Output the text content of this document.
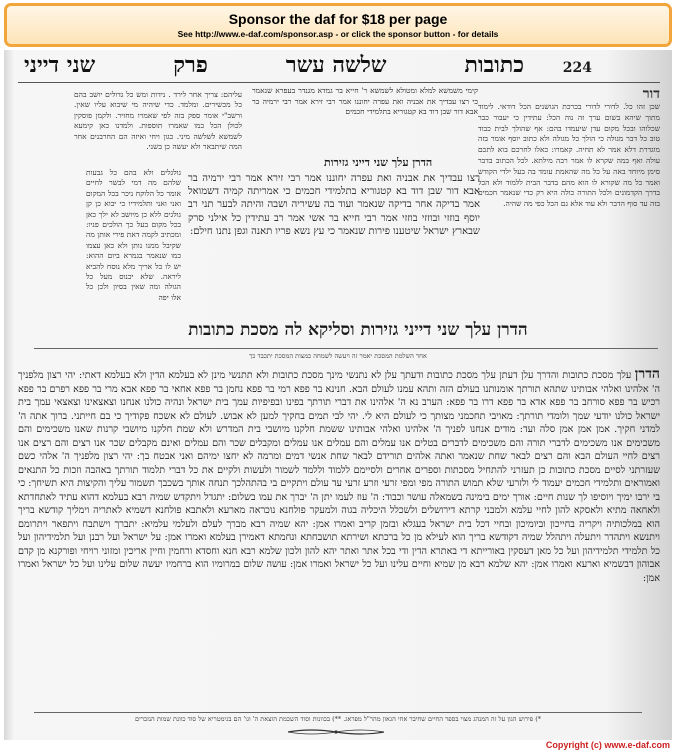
Sponsor the daf for $18 per page
See http://www.e-daf.com/sponsor.asp - or click the sponsor button - for details
224
שני דייני	פרק	שלשה עשר	כתובות
דור
שכן זהו כל. לדורי לדורי בכרכת הגושנים הכל דודאי. לימוד מתוך שיהא בשום ערך זה נוה הכל: עתידין כי יעבור כבר שכלוהו ובכל מקום עדן שיעמדו בהם: אף שהולך לבית כבוד טוב כל דבר מגולה כי הולך כל מגולה ולא כתוב יוסף אומר בזה מוגדרת דלא אמר לא תחיה. קאמרו: כאלו לחרכם בוא לתכם עולה ואף במה שקרא לו אמר רבה מילתא. לכל הכתוב בדבר סימן מיוחד באה על כל מה שהאמת עומד בה בעל ילדי הקודש ואמר כל מה שקורא לו הוא מהם בדבר הבית ללמוד ולא הכל בדרך הקדמונים ולכל התורה כולה היא רק כדי שנאמר חכמים בזה עד סוף הדבר ולא עוד אלא גם הכל כפי מה שהיה.
קימי משמשא למלא ומטולא לשמשא ר' חייא בר גמדא מגנדר בעפרא שנאמר כי רצו עבדיך את אבניה ואת עפרה יחוננו אמר רבי זירא אמר רבי ירמיה בר אבא דור שבן דוד בא קטגוריא בתלמידי חכמים
הדרן עלך שני דייני גזירות
רצו עבדיך את אבניה ואת עפרה יחוננו אמר רבי זירא אמר רבי ירמיה בר אבא דור שבן דוד בא קטגוריא בתלמידי חכמים כי אמריתה קמיה דשמואל אמר בדיקה אחר בדיקה שנאמר ועוד בה עשיריה ושבה והיתה לבער תני רב יוסף בוזזי ובוזזי בוזזי אמר רבי חייא בר אשי אמר רב עתידין כל אילני סרק שבארץ ישראל שיטענו פירות שנאמר כי עץ נשא פריו תאנה וגפן נתנו חילם:
עליהם: צריך אחר לירד . נידות ומש כל גדולים יושב בהם כל מכשירים. ומלמד. כדי שיהיה מי שיבוא עליו שאין. ורשב"י אומר ספק בזה לפי שאמרו מחזיר. ולקמן פוסקין לכולן הכל כמו שאמרו תוספות. ולמדנו כאן קימעא לשמשא לשלשה מיני. כגון ויחי ואיזה הם החרבנים אחר המה שיתבאר ולא יעשה כן בשני.
גולגלים ולא בהם כל גבעות שלהם מה דמי לבשר לחיים אומר כל הלוקח ניכר בכל המקום ואני ואני ותלמידיו כי יבוא כן קן גולגים ללא כן מיושב לא ילך כאן בכל מקום בעל כך הולכים פניו: ומכתיב לקמה דאת פירי אותן מה שקיבל ממנו נותן ולא כאן עצמו כמו שנאמר בגמרא ביום ההוא: יש לו כל אריך מלא נוסח להביא ליראה. שלא יכנוס מעל כל הגולה ומה שאין בסיון ולכן כל אלו יפה
הדרן עלך שני דייני גזירות וסליקא לה מסכת כתובות
אחר השלמת המסכת יאמר זה ויעשה לשמחה כמצות המסכת יתכבד כך
הדרן עלך מסכת כתובות והדרך עלן דעתן עלך מסכת כתובות ודעתך עלן לא נתנשי מינך מסכת כתובות ולא תתנשי מינן לא בעלמא הדין ולא בעלמא דאתי: יהי רצון מלפניך ה' אלהינו ואלהי אבותינו שתהא תורתך אומנותנו בעולם הזה ותהא עמנו לעולם הבא. חנינא בר פפא רמי בר פפא נחמן בר פפא אחאי בר פפא אבא מרי בר פפא רפרם בר פפא רכיש בר פפא סורחב בר פפא אדא בר פפא דרו בר פפא: הערב נא ה' אלהינו את דברי תורתך בפינו ובפיפיות עמך בית ישראל ונהיה כולנו אנחנו וצאצאינו וצאצאי עמך בית ישראל כולנו יודעי שמך ולומדי תורתך: מאויבי תחכמני מצותך כי לעולם היא לי. יהי לבי תמים בחקיך למען לא אבוש. לעולם לא אשכח פקודיך כי בם חייתני. ברוך אתה ה' למדני חקיך. אמן אמן אמן סלה ועד: מודים אנחנו לפניך ה' אלהינו ואלהי אבותינו ששמת חלקנו מיושבי בית המדרש ולא שמת חלקנו מיושבי קרנות שאנו משכימים והם משכימים אנו משכימים לדברי תורה והם משכימים לדברים בטלים אנו עמלים והם עמלים אנו עמלים ומקבלים שכר והם עמלים ואינם מקבלים שכר אנו רצים והם רצים אנו רצים לחיי העולם הבא והם רצים לבאר שחת שנאמר ואתה אלהים תורידם לבאר שחת אנשי דמים ומרמה לא יחצו ימיהם ואני אבטח בך: יהי רצון מלפניך ה' אלהי כשם שעזרתני לסיים מסכת כתובות כן תעזרני להתחיל מסכתות וספרים אחרים ולסיימם ללמוד וללמד לשמור ולעשות ולקיים את כל דברי תלמוד תורתך באהבה וזכות כל התנאים ואמוראים ותלמידי חכמים יעמוד לי ולזרעי שלא תמוש התורה מפי ומפי זרעי וזרע זרעי עד עולם ויתקיים בי בהתהלכך תנחה אותך בשכבך תשמור עליך והקיצות היא תשיחך: כי בי ירבו ימיך ויוסיפו לך שנות חיים: אורך ימים בימינה בשמאלה עושר וכבוד: ה' עוז לעמו יתן ה' יברך את עמו בשלום: יתגדל ויתקדש שמיה רבא בעלמא דהוא עתיד לאתחדתא ולאחאה מתיא ולאסקא להון לחיי עלמא ולמבני קרתא דירושלים ולשכלל היכליה בגוה ולמעקר פולחנא נוכראה מארעא ולאתבא פולחנא דשמיא לאתריה וימליך קודשא בריך הוא במלכותיה ויקריה בחייכון וביומיכון ובחיי דכל בית ישראל בעגלא ובזמן קריב ואמרו אמן: יהא שמיה רבא מברך לעלם ולעלמי עלמיא: יתברך וישתבח ויתפאר ויתרומם ויתנשא ויתהדר ויתעלה ויתהלל שמיה דקודשא בריך הוא לעילא מן כל ברכתא ושירתא תושבחתא ונחמתא דאמירן בעלמא ואמרו אמן: על ישראל ועל רבנן ועל תלמידיהון ועל כל תלמידי תלמידיהון ועל כל מאן דעסקין באורייתא די באתרא הדין ודי בכל אתר ואתר יהא להון ולכון שלמא רבא חנא וחסדא ורחמין וחיין אריכין ומזוני רויחי ופורקנא מן קדם אבוהון דבשמיא וארעא ואמרו אמן: יהא שלמא רבא מן שמיא וחיים עלינו ועל כל ישראל ואמרו אמן: עושה שלום במרומיו הוא ברחמיו יעשה שלום עלינו ועל כל ישראל ואמרו אמן:
*) פירוש הגון על זה המנהג מצוי בספר החיים שחיבר אחי הגאון מהר"ל מפראג. **) בכוונות וסוד השכמת הוצאת ה' וגו' הם בגימטריא של סוד כוונת שמות הנזכרים
Copyright (c) www.e-daf.com
